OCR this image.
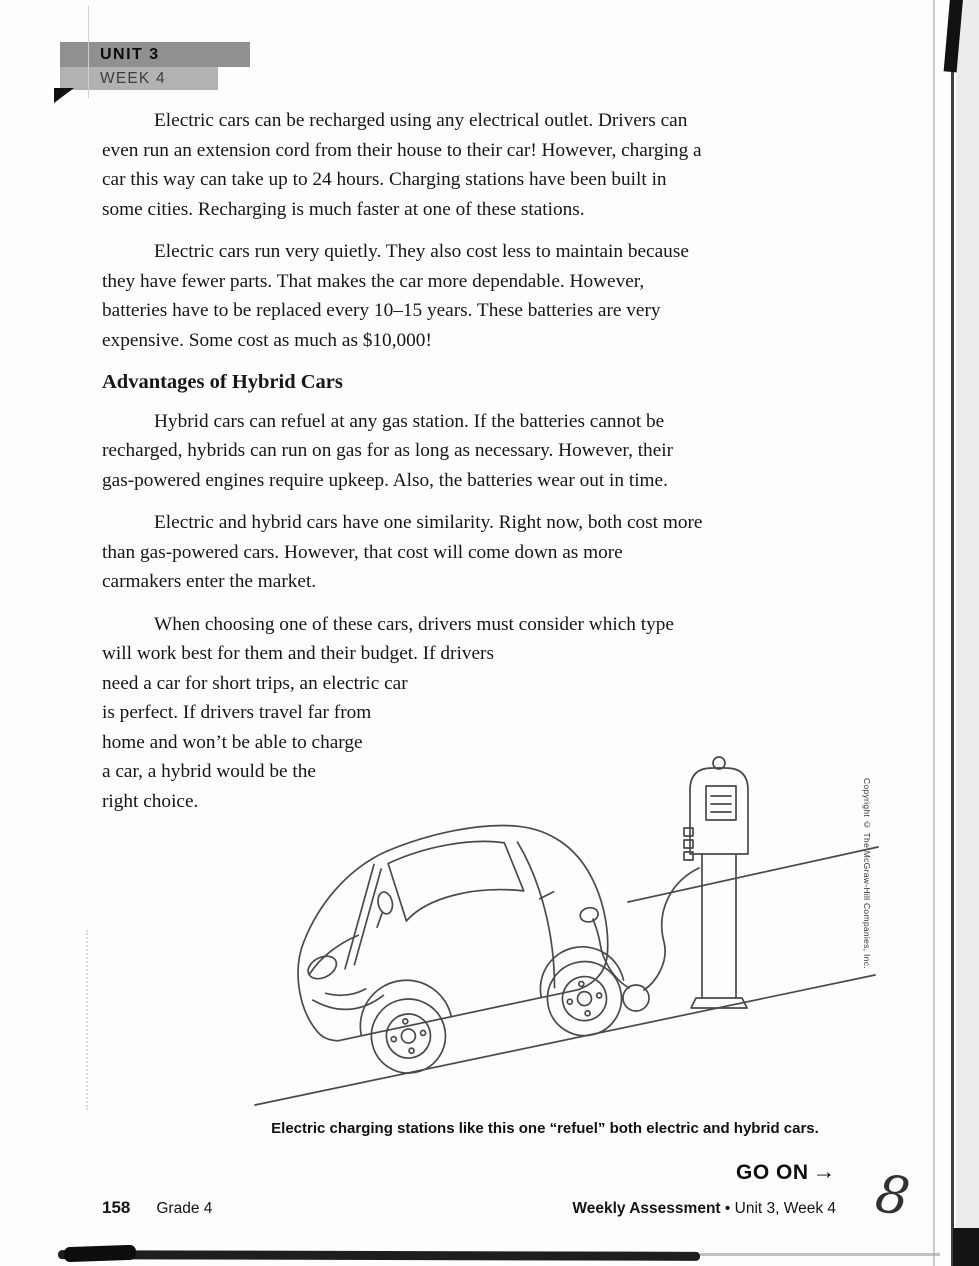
UNIT 3
WEEK 4

Electric cars can be recharged using any electrical outlet. Drivers can even run an extension cord from their house to their car! However, charging a car this way can take up to 24 hours. Charging stations have been built in some cities. Recharging is much faster at one of these stations.

Electric cars run very quietly. They also cost less to maintain because they have fewer parts. That makes the car more dependable. However, batteries have to be replaced every 10–15 years. These batteries are very expensive. Some cost as much as $10,000!

Advantages of Hybrid Cars

Hybrid cars can refuel at any gas station. If the batteries cannot be recharged, hybrids can run on gas for as long as necessary. However, their gas-powered engines require upkeep. Also, the batteries wear out in time.

Electric and hybrid cars have one similarity. Right now, both cost more than gas-powered cars. However, that cost will come down as more carmakers enter the market.

When choosing one of these cars, drivers must consider which type will work best for them and their budget. If drivers

need a car for short trips, an electric car
is perfect. If drivers travel far from
home and won’t be able to charge
a car, a hybrid would be the
right choice.
Electric charging stations like this one “refuel” both electric and hybrid cars.
GO ON →
158 Grade 4	Weekly Assessment • Unit 3, Week 4
Copyright © The McGraw-Hill Companies, Inc.
8
